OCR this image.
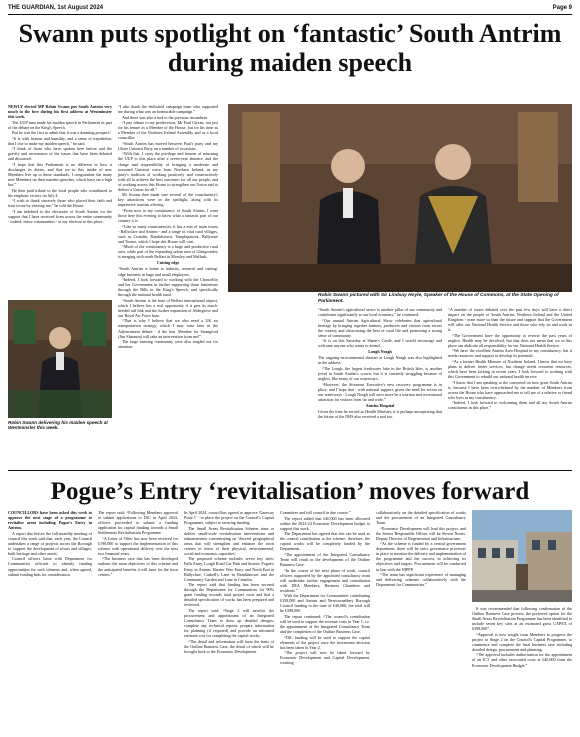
THE GUARDIAN, 1st August 2024	Page 9
Swann puts spotlight on ‘fantastic’ South Antrim during maiden speech

NEWLY elected MP Robin Swann put South Antrim very much to the fore during his first address at Westminster this week.

The UUP man made his maiden speech in Parliament as part of the debate on the King's Speech.

But he was the first to admit that it was a daunting prospect!

“It is with honour and humility, and a sense of trepidation, that I rise to make my maiden speech,” he said.

“I think of those who have spoken here before and the gravity and seriousness of the issues that have been debated and discussed.

“I hope that this Parliament is no different in how it discharges its duties, and that we in this intake of new Members live up to those standards. I congratulate the many new Members on their maiden speeches, which have set a high bar.”

He then paid tribute to the local people who contributed to his emphatic victory on July 4.

“I wish to thank sincerely those who placed their faith and trust in me by electing me,” he told the House.

“I am indebted to the electorate of South Antrim for the support that I have received from across the entire community - indeed, entire communities - in my election to this place.

Robin Swann delivering his maiden speech at Westminster this week.

“I also thank the dedicated campaign team who supported me during what was an honourable campaign.”

And there was also a nod to the previous incumbent.

“I pay tribute to my predecessor, Mr Paul Girvan, not just for his tenure as a Member of the House, but for his time as a Member of the Northern Ireland Assembly and as a local councillor.

“South Antrim has moved between Paul's party and my Ulster Unionist Party on a number of occasions.

“With that, I carry the privilege and honour of returning the UUP to this place after a seven-year absence, and the charge and responsibility of bringing a moderate and reasoned Unionist voice from Northern Ireland, in my party's tradition of working positively and constructively with all to achieve the best outcomes for all our people, and of working across this House to strengthen our Union and to deliver a Union for all.”

Mr Swann then made sure several of the constituency's key attractions were in the spotlight, along with its impressive tourism offering.

“From now to my constituency of South Antrim, I want those here this evening to know what a fantastic part of our country it is.

“Like so many constituencies, it has a mix of main towns - Ballyclare and Antrim - and a range of vital rural villages, such as Crumlin, Randalstown, Templepatrick, Ballynure and Toome, which I hope this House will visit.

“Much of the constituency is a large and productive rural area, while part of the expanding urban area of Glengormley is merging with north Belfast in Mossley and Mallusk.

Cutting edge

“South Antrim is home to industry, research and cutting-edge business in large and small employers.

“Indeed, I look forward to working with the Chancellor and her Government in further supporting those businesses through the Bills in the King's Speech, and specifically through the national health fund.

“South Antrim is the base of Belfast international airport, which I believe has a real opportunity if it gets its much-needed rail link and the further expansion of Aldergrove and our Royal Air Force base.

“That is why I believe that we also need a UK air transportation strategy, which I may raise later in the Adjournment debate - if the hon. Member for Strangford (Jim Shannon) will take an intervention from me!”

The large farming community were also singled out for attention.

Robin Swann pictured with Sir Lindsay Hoyle, Speaker of the House of Commons, at the State Opening of Parliament.

“South Antrim's agricultural sector is another pillar of our community and contributes significantly to our local economy,” he continued.

“Our annual Antrim Agricultural Show celebrates that agricultural heritage by bringing together farmers, producers and visitors from across the country and showcasing the best of rural life and promoting a strong sense of community.

“It is on this Saturday at Shane's Castle, and I would encourage and welcome anyone who wants to attend.

Lough Neagh

The ongoing environmental disaster at Lough Neagh was also highlighted in the address.

“The Lough, the largest freshwater lake in the British Isles, is another jewel in South Antrim's crown, but it is currently struggling because of neglect, like many of our waterways.

“However, the Stormont Executive's new recovery programme is in place, and I hope that - with national support, given the need for action on our waterways - Lough Neagh will once more be a tourism and recreational attraction for visitors from far and wide.”

Antrim Hospital

Given the time he served as Health Minister, it is perhaps unsurprising that the future of the NHS also received a nod too.

“A number of issues debated over the past few days will have a direct impact on the people of South Antrim, Northern Ireland and the United Kingdom - none more so than the future and support that the Government will offer our National Health Service and those who rely on and work in it.

“The Government have the opportunity to reverse the past years of neglect. Health may be devolved, but that does not mean that we in this place can abdicate all responsibility for our National Health Service.

“We have the excellent Antrim Area Hospital in my constituency, but it needs resources and support to develop its potential.

“As a former Health Minister of Northern Ireland, I know that we have plans to deliver better services, but change needs recurrent resources, which have been lacking in recent years. I look forward to working with this Government to rebuild our national health service.

“I know that I am speaking to the converted on how great South Antrim is, because I have been overwhelmed by the number of Members from across the House who have approached me to tell me of a relative or friend who lives in my constituency.

“Indeed, I look forward to welcoming them and all my South Antrim constituents in this place.”

Pogue’s Entry ‘revitalisation’ moves forward

COUNCILLORS have been asked this week to approve the next stage of a programme to revitalise areas including Pogue's Entry in Antrim.

A report due before the full monthly meeting of council this week said that, each year, the Council undertakes a range of projects across the Borough to 'support the development of towns and villages, built heritage and other assets'.

Council officers liaise with Department for Communities officials to identify funding opportunities for such schemes and, when agreed, submit funding bids for consideration.

The report said: “Following Members approval to submit applications to DfC in April 2024, officers proceeded to submit a funding application for capital funding towards a Small Settlements Revitalisation Programme.

“A Letter of Offer has now been received for £198,000 to support the implementation of this scheme with operational delivery over the next two financial years.

“The business case that has been developed outlines the main objectives of this scheme and the anticipated benefits it will have for the town centres.”

In April 2024, councillors agreed to approve 'Gateway Point 1' - to place the project on the Council's Capital Programme, subject to securing funding.

The Small Areas Revitalisation Scheme aims to deliver small-scale revitalisation interventions and enhancements concentrating on 'discreet geographical areas that will strengthen and enhance the town centres in terms of their physical, environmental, social and economic capacities'.

The proposed scheme includes seven key sites: Fulls Entry, Lough Road Car Park and historic Pogue's Entry in Antrim, Harrier Way Entry and North End in Ballyclare, Cashell's Lane in Randalstown and the Community Garden and Lane in Crumlin.

The report said that funding has been secured through the Department for Communities for 90% grant funding towards total project costs and that a detailed specification of works has been prepared and reviewed.

The report said: “Stage 2 will involve the procurement and appointment of an Integrated Consultancy Team to draw up detailed designs, complete any technical reports, prepare information for planning (if required) and provide an informed estimate cost for completing the capital works.

“The detail and information will form the basis of the Outline Business Case, the detail of which will be brought back to the Economic Development

Committee and full council in due course.”

The report added that £40,000 has been allocated within the 2023-24 Economic Development budget to support this work.

The Department has agreed that this can be used as the council contribution to the scheme; therefore, the capital works will be completely funded by the Department.

“The appointment of the Integrated Consultancy Team will result in the development of the Outline Business Case.

“In the course of the next phase of work, council officers supported by the appointed consultancy team will undertake further engagement and consultation with DEA Members, Business Chambers and residents.”

With the Department for Communities contributing £358,000 and Antrim and Newtownabbey Borough Council funding to the tune of £40,000, the total will be £398,000.

The report continued: “The council's contribution will be used to support the revenue costs in Year 1, i.e. the appointment of the Integrated Consultancy Team and the completion of the Outline Business Case.

“DfC funding will be used to support the capital elements of the project once the investment decision has been taken in Year 2.

“The project will now be taken forward by Economic Development and Capital Development, working

collaboratively on the detailed specification of works and the procurement of an Integrated Consultancy Team.

“Economic Development will lead this project, and the Senior Responsible Officer will be Steven Norris, Deputy Director of Regeneration and Infrastructure.

“As the scheme is funded by a central government department, there will be strict governance processes in place to monitor the delivery and implementation of the programme and the success in achieving its objectives and targets. Procurement will be conducted in line with the NIPPP.

“The team has significant experience of managing and delivering schemes collaboratively with the Department for Communities.”

It was recommended that following confirmation of the Outline Business Case process, the preferred option for the Small Areas Revitalisation Programme has been identified to include seven key sites at an estimated gross CAPEX of £398,000”.

“Approval is now sought from Members to progress the project to Stage 2 on the Council's Capital Programme, to commence and complete the final business case including detailed design, procurement and planning.

“The approval includes authorisation for the appointment of an ICT and other associated costs at £40,000 from the Economic Development Budget.”
